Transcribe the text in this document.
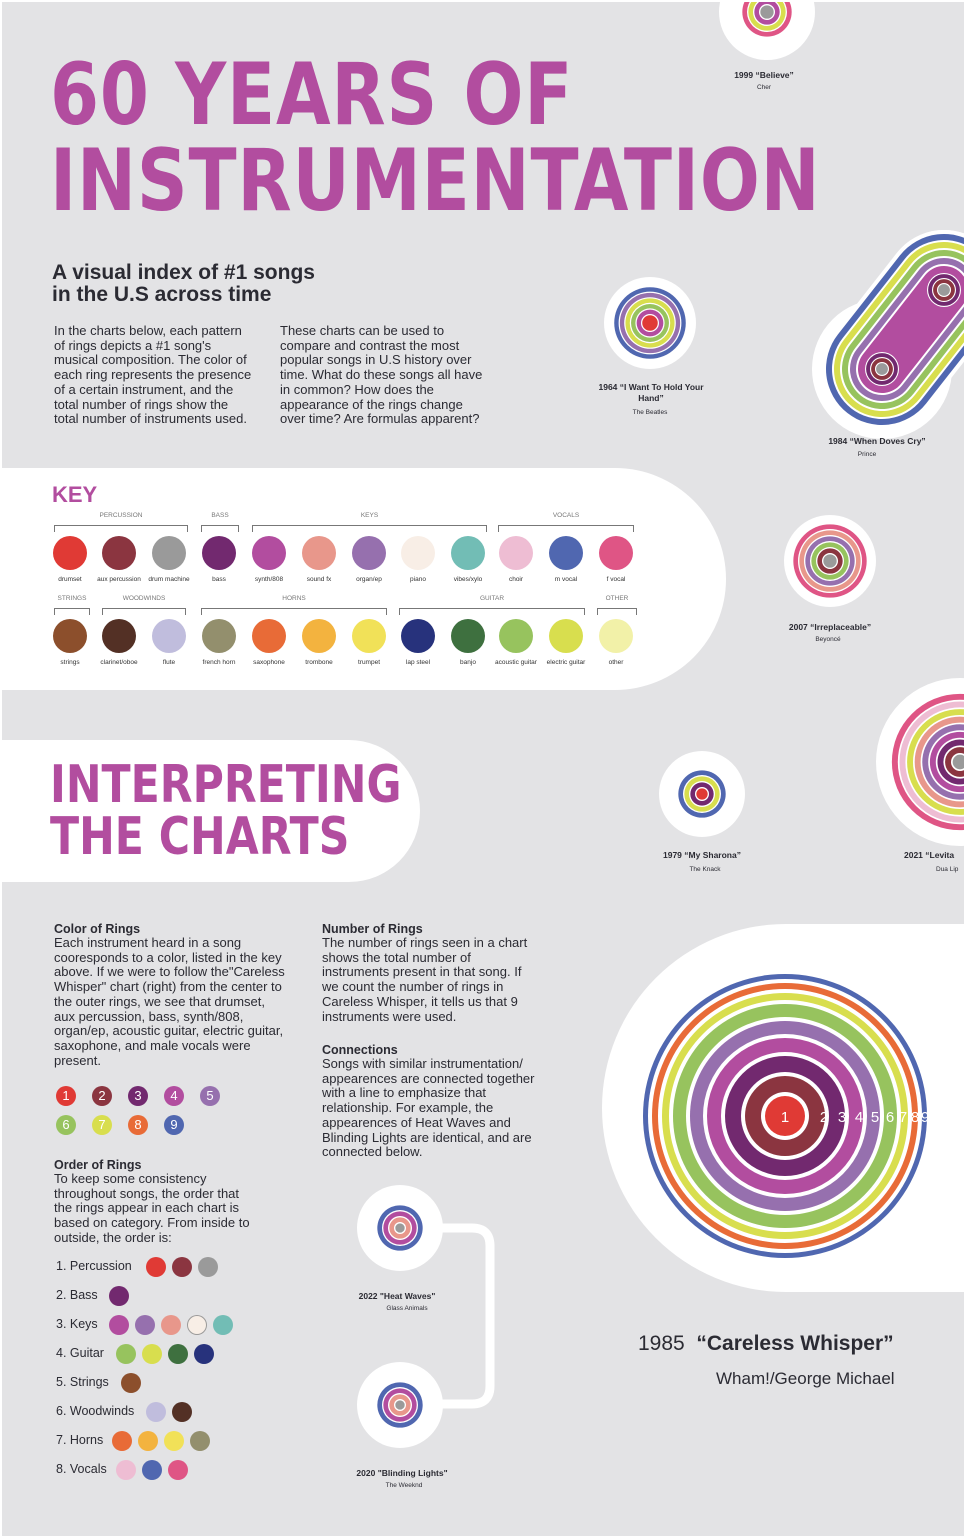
60 YEARS OF
INSTRUMENTATION
A visual index of #1 songs
in the U.S across time

In the charts below, each pattern of rings depicts a #1 song's musical composition. The color of each ring represents the presence of a certain instrument, and the total number of rings show the total number of instruments used.

These charts can be used to compare and contrast the most popular songs in U.S history over time. What do these songs all have in common? How does the appearance of the rings change over time? Are formulas apparent?

KEY
PERCUSSION	BASS	KEYS	VOCALS
STRINGS	WOODWINDS	HORNS	GUITAR	OTHER
INTERPRETING
THE CHARTS

Color of Rings

Each instrument heard in a song cooresponds to a color, listed in the key above. If we were to follow the"Careless Whisper" chart (right) from the center to the outer rings, we see that drumset, aux percussion, bass, synth/808, organ/ep, acoustic guitar, electric guitar, saxophone, and male vocals were present.

Order of Rings

To keep some consistency throughout songs, the order that the rings appear in each chart is based on category. From inside to outside, the order is:

Number of Rings

The number of rings seen in a chart shows the total number of instruments present in that song. If we count the number of rings in Careless Whisper, it tells us that 9 instruments were used.

Connections

Songs with similar instrumentation/ appearences are connected together with a line to emphasize that relationship. For example, the appearences of Heat Waves and Blinding Lights are identical, and are connected below.

1 2 3 4 5 6 7 8 9
1985 “Careless Whisper”
Wham!/George Michael
1999 “Believe”
Cher
1964 “I Want To Hold Your Hand”
The Beatles
1984 “When Doves Cry”
Prince
2007 “Irreplaceable”
Beyoncé
1979 “My Sharona”
The Knack
2021 “Levita
Dua Lip
2022 "Heat Waves"
Glass Animals
2020 "Blinding Lights"
The Weeknd
drumset	aux percussion	drum machine	bass	synth/808	sound fx	organ/ep	piano	vibes/xylo	choir	m vocal	f vocal
strings	clarinet/oboe	flute	french horn	saxophone	trombone	trumpet	lap steel	banjo	acoustic guitar	electric guitar	other
1	2	3	4	5
6	7	8	9
1. Percussion
2. Bass
3. Keys
4. Guitar
5. Strings
6. Woodwinds
7. Horns
8. Vocals
